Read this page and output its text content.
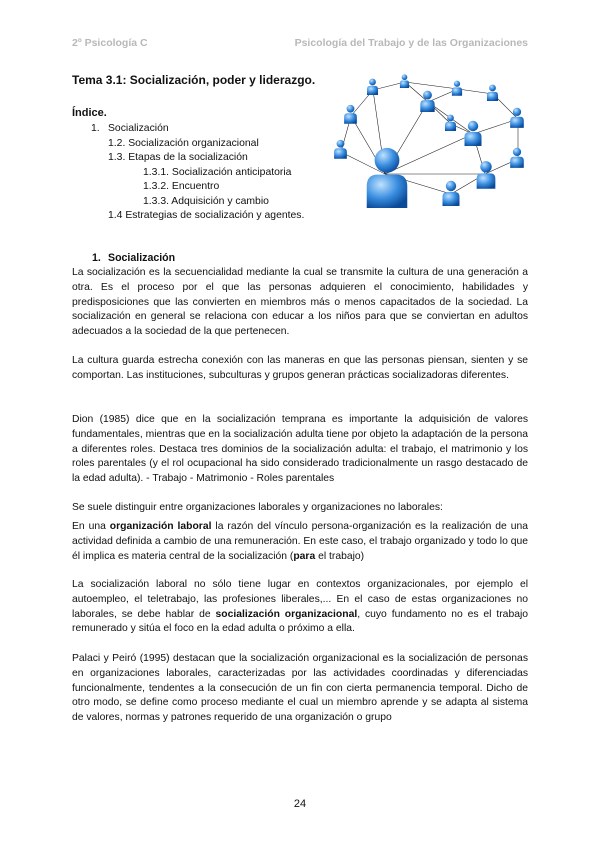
2º Psicología C	Psicología del Trabajo y de las Organizaciones
Tema 3.1: Socialización, poder y liderazgo.
Índice.
1. Socialización
1.2. Socialización organizacional
1.3. Etapas de la socialización
1.3.1. Socialización anticipatoria
1.3.2. Encuentro
1.3.3. Adquisición y cambio
1.4 Estrategias de socialización y agentes.
1. Socialización

La socialización es la secuencialidad mediante la cual se transmite la cultura de una generación a otra. Es el proceso por el que las personas adquieren el conocimiento, habilidades y predisposiciones que las convierten en miembros más o menos capacitados de la sociedad. La socialización en general se relaciona con educar a los niños para que se conviertan en adultos adecuados a la sociedad de la que pertenecen.

La cultura guarda estrecha conexión con las maneras en que las personas piensan, sienten y se comportan. Las instituciones, subculturas y grupos generan prácticas socializadoras diferentes.

Dion (1985) dice que en la socialización temprana es importante la adquisición de valores fundamentales, mientras que en la socialización adulta tiene por objeto la adaptación de la persona a diferentes roles. Destaca tres dominios de la socialización adulta: el trabajo, el matrimonio y los roles parentales (y el rol ocupacional ha sido considerado tradicionalmente un rasgo destacado de la edad adulta). - Trabajo - Matrimonio - Roles parentales

Se suele distinguir entre organizaciones laborales y organizaciones no laborales:

En una organización laboral la razón del vínculo persona-organización es la realización de una actividad definida a cambio de una remuneración. En este caso, el trabajo organizado y todo lo que él implica es materia central de la socialización (para el trabajo)

La socialización laboral no sólo tiene lugar en contextos organizacionales, por ejemplo el autoempleo, el teletrabajo, las profesiones liberales,... En el caso de estas organizaciones no laborales, se debe hablar de socialización organizacional, cuyo fundamento no es el trabajo remunerado y sitúa el foco en la edad adulta o próximo a ella.

Palaci y Peiró (1995) destacan que la socialización organizacional es la socialización de personas en organizaciones laborales, caracterizadas por las actividades coordinadas y diferenciadas funcionalmente, tendentes a la consecución de un fin con cierta permanencia temporal. Dicho de otro modo, se define como proceso mediante el cual un miembro aprende y se adapta al sistema de valores, normas y patrones requerido de una organización o grupo

24
